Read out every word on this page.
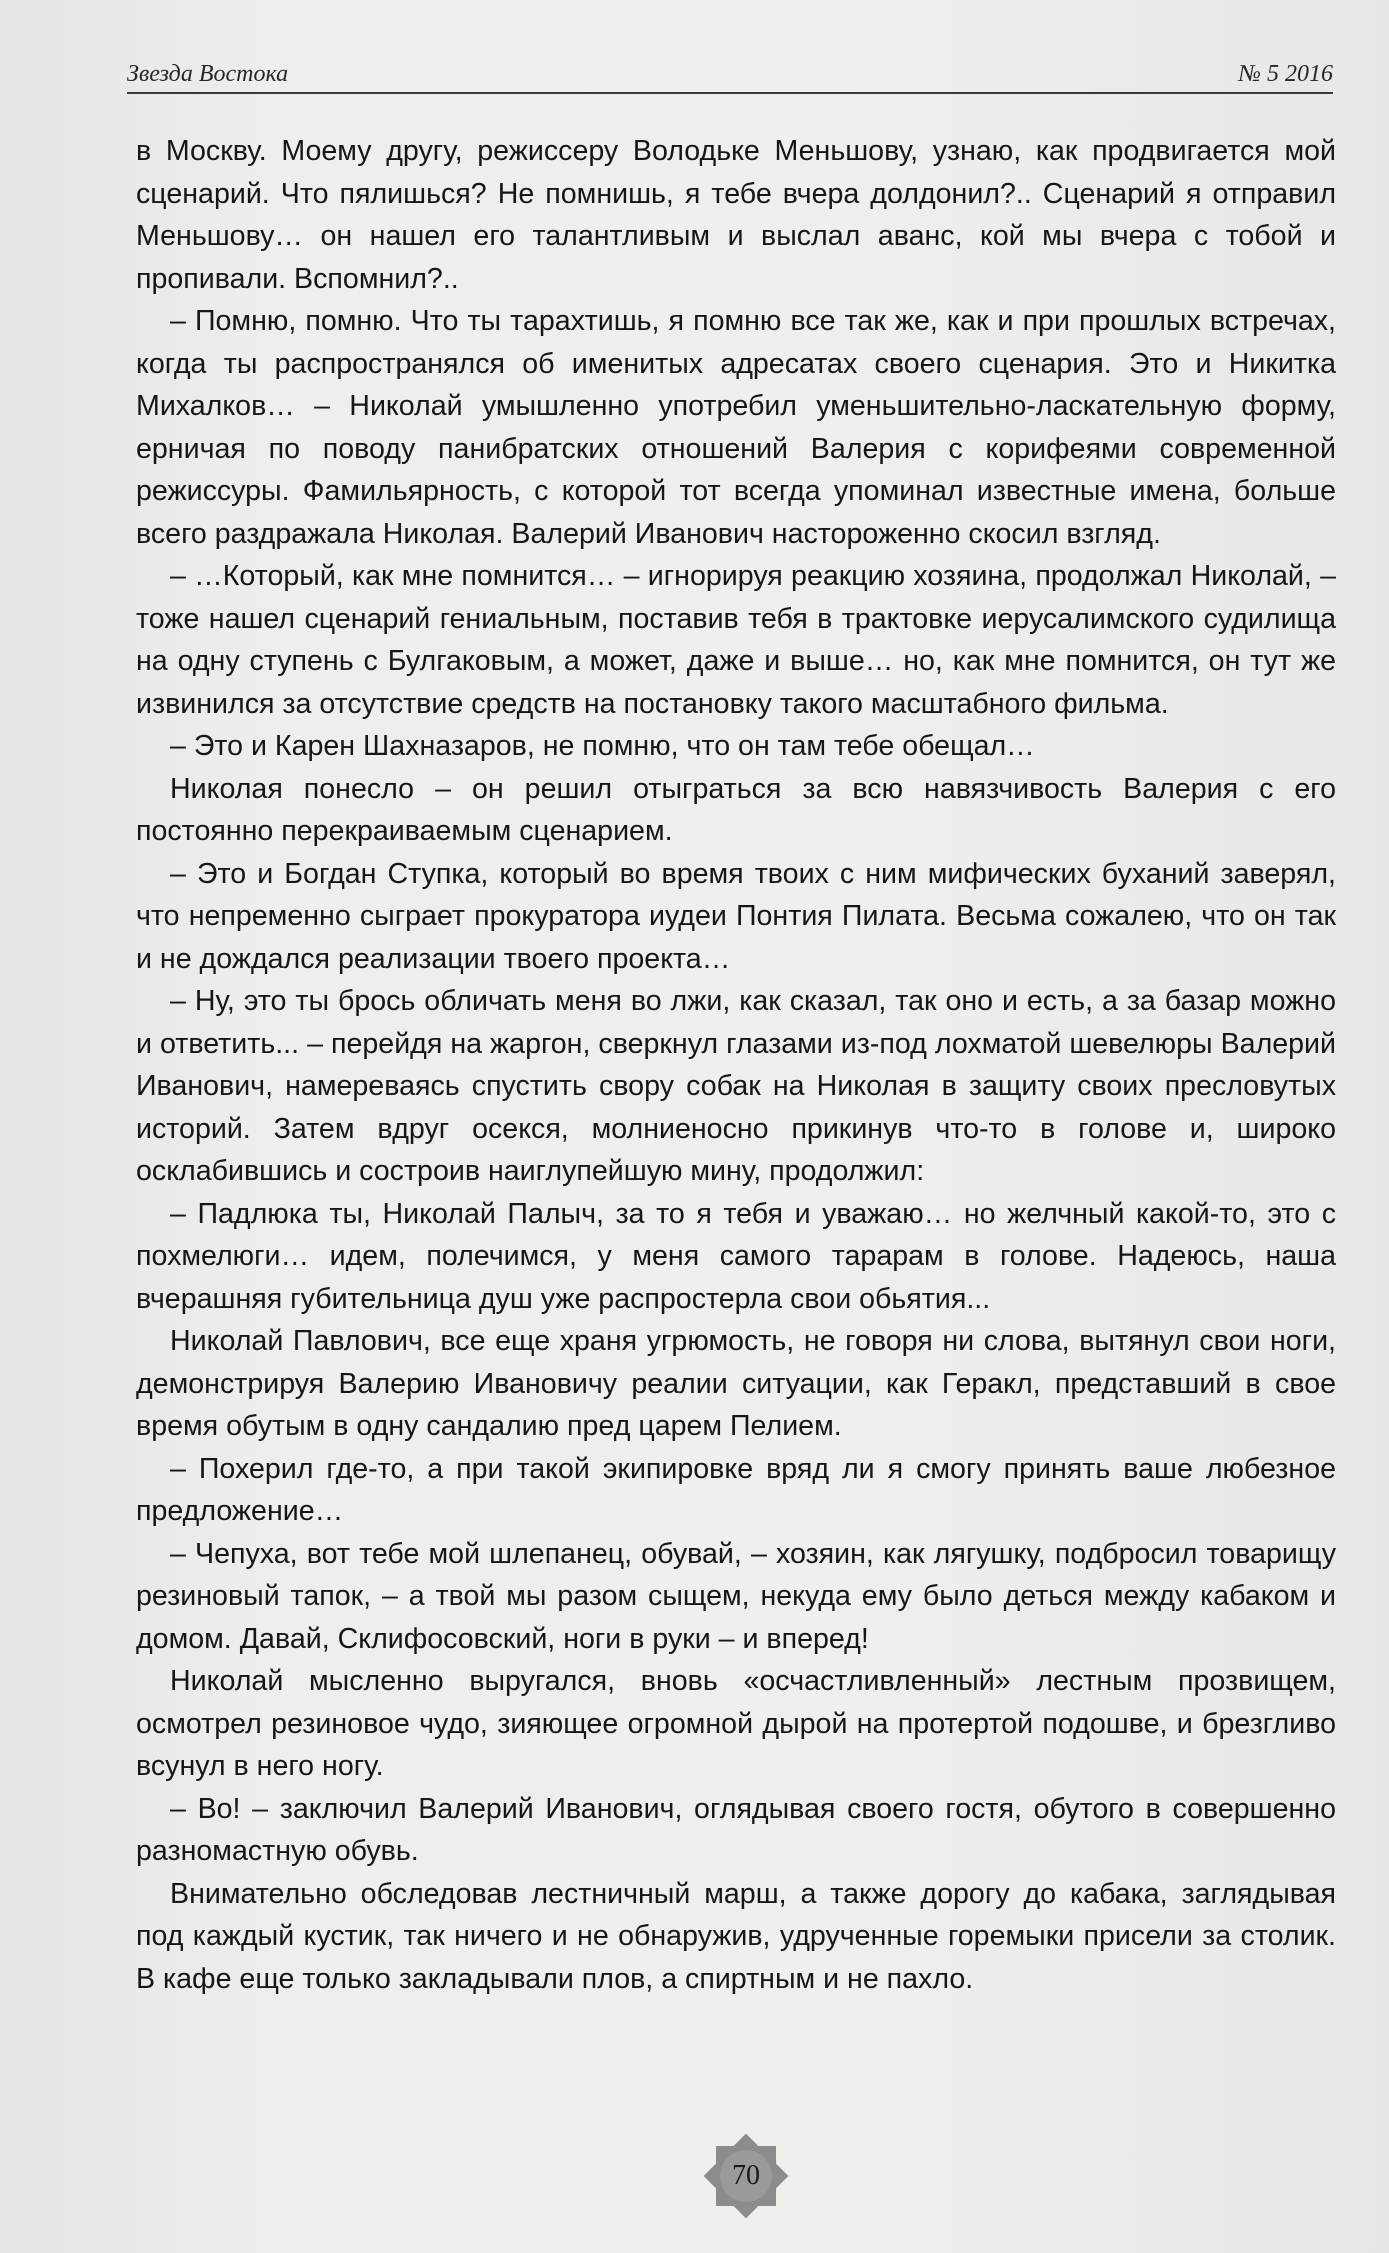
Звезда Востока	№ 5 2016

в Москву. Моему другу, режиссеру Володьке Меньшову, узнаю, как продвигается мой сценарий. Что пялишься? Не помнишь, я тебе вчера долдонил?.. Сценарий я отправил Меньшову… он нашел его талантливым и выслал аванс, кой мы вчера с тобой и пропивали. Вспомнил?..

– Помню, помню. Что ты тарахтишь, я помню все так же, как и при прошлых встречах, когда ты распространялся об именитых адресатах своего сценария. Это и Никитка Михалков… – Николай умышленно употребил уменьшительно-ласкательную форму, ерничая по поводу панибратских отношений Валерия с корифеями современной режиссуры. Фамильярность, с которой тот всегда упоминал известные имена, больше всего раздражала Николая. Валерий Иванович настороженно скосил взгляд.

– …Который, как мне помнится… – игнорируя реакцию хозяина, продолжал Николай, – тоже нашел сценарий гениальным, поставив тебя в трактовке иерусалимского судилища на одну ступень с Булгаковым, а может, даже и выше… но, как мне помнится, он тут же извинился за отсутствие средств на постановку такого масштабного фильма.

– Это и Карен Шахназаров, не помню, что он там тебе обещал…

Николая понесло – он решил отыграться за всю навязчивость Валерия с его постоянно перекраиваемым сценарием.

– Это и Богдан Ступка, который во время твоих с ним мифических буханий заверял, что непременно сыграет прокуратора иудеи Понтия Пилата. Весьма сожалею, что он так и не дождался реализации твоего проекта…

– Ну, это ты брось обличать меня во лжи, как сказал, так оно и есть, а за базар можно и ответить... – перейдя на жаргон, сверкнул глазами из-под лохматой шевелюры Валерий Иванович, намереваясь спустить свору собак на Николая в защиту своих пресловутых историй. Затем вдруг осекся, молниеносно прикинув что-то в голове и, широко осклабившись и состроив наиглупейшую мину, продолжил:

– Падлюка ты, Николай Палыч, за то я тебя и уважаю… но желчный какой-то, это с похмелюги… идем, полечимся, у меня самого тарарам в голове. Надеюсь, наша вчерашняя губительница душ уже распростерла свои обьятия...

Николай Павлович, все еще храня угрюмость, не говоря ни слова, вытянул свои ноги, демонстрируя Валерию Ивановичу реалии ситуации, как Геракл, представший в свое время обутым в одну сандалию пред царем Пелием.

– Похерил где-то, а при такой экипировке вряд ли я смогу принять ваше любезное предложение…

– Чепуха, вот тебе мой шлепанец, обувай, – хозяин, как лягушку, подбросил товарищу резиновый тапок, – а твой мы разом сыщем, некуда ему было деться между кабаком и домом. Давай, Склифосовский, ноги в руки – и вперед!

Николай мысленно выругался, вновь «осчастливленный» лестным прозвищем, осмотрел резиновое чудо, зияющее огромной дырой на протертой подошве, и брезгливо всунул в него ногу.

– Во! – заключил Валерий Иванович, оглядывая своего гостя, обутого в совершенно разномастную обувь.

Внимательно обследовав лестничный марш, а также дорогу до кабака, заглядывая под каждый кустик, так ничего и не обнаружив, удрученные горемыки присели за столик. В кафе еще только закладывали плов, а спиртным и не пахло.

70
